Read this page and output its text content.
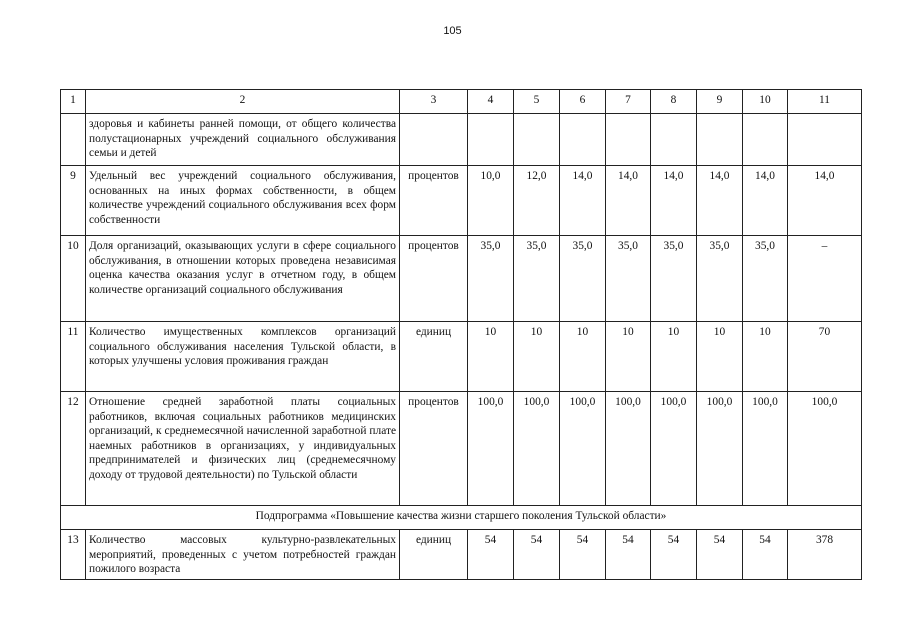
105
1	2	3	4	5	6	7	8	9	10	11
	здоровья и кабинеты ранней помощи, от общего количества полустационарных учреждений социального обслуживания семьи и детей									
9	Удельный вес учреждений социального обслуживания, основанных на иных формах собственности, в общем количестве учреждений социального обслуживания всех форм собственности	процентов	10,0	12,0	14,0	14,0	14,0	14,0	14,0	14,0
10	Доля организаций, оказывающих услуги в сфере социального обслуживания, в отношении которых проведена независимая оценка качества оказания услуг в отчетном году, в общем количестве организаций социального обслуживания	процентов	35,0	35,0	35,0	35,0	35,0	35,0	35,0	–
11	Количество имущественных комплексов организаций социального обслуживания населения Тульской области, в которых улучшены условия проживания граждан	единиц	10	10	10	10	10	10	10	70
12	Отношение средней заработной платы социальных работников, включая социальных работников медицинских организаций, к среднемесячной начисленной заработной плате наемных работников в организациях, у индивидуальных предпринимателей и физических лиц (среднемесячному доходу от трудовой деятельности) по Тульской области	процентов	100,0	100,0	100,0	100,0	100,0	100,0	100,0	100,0
Подпрограмма «Повышение качества жизни старшего поколения Тульской области»										
13	Количество массовых культурно-развлекательных мероприятий, проведенных с учетом потребностей граждан пожилого возраста	единиц	54	54	54	54	54	54	54	378
